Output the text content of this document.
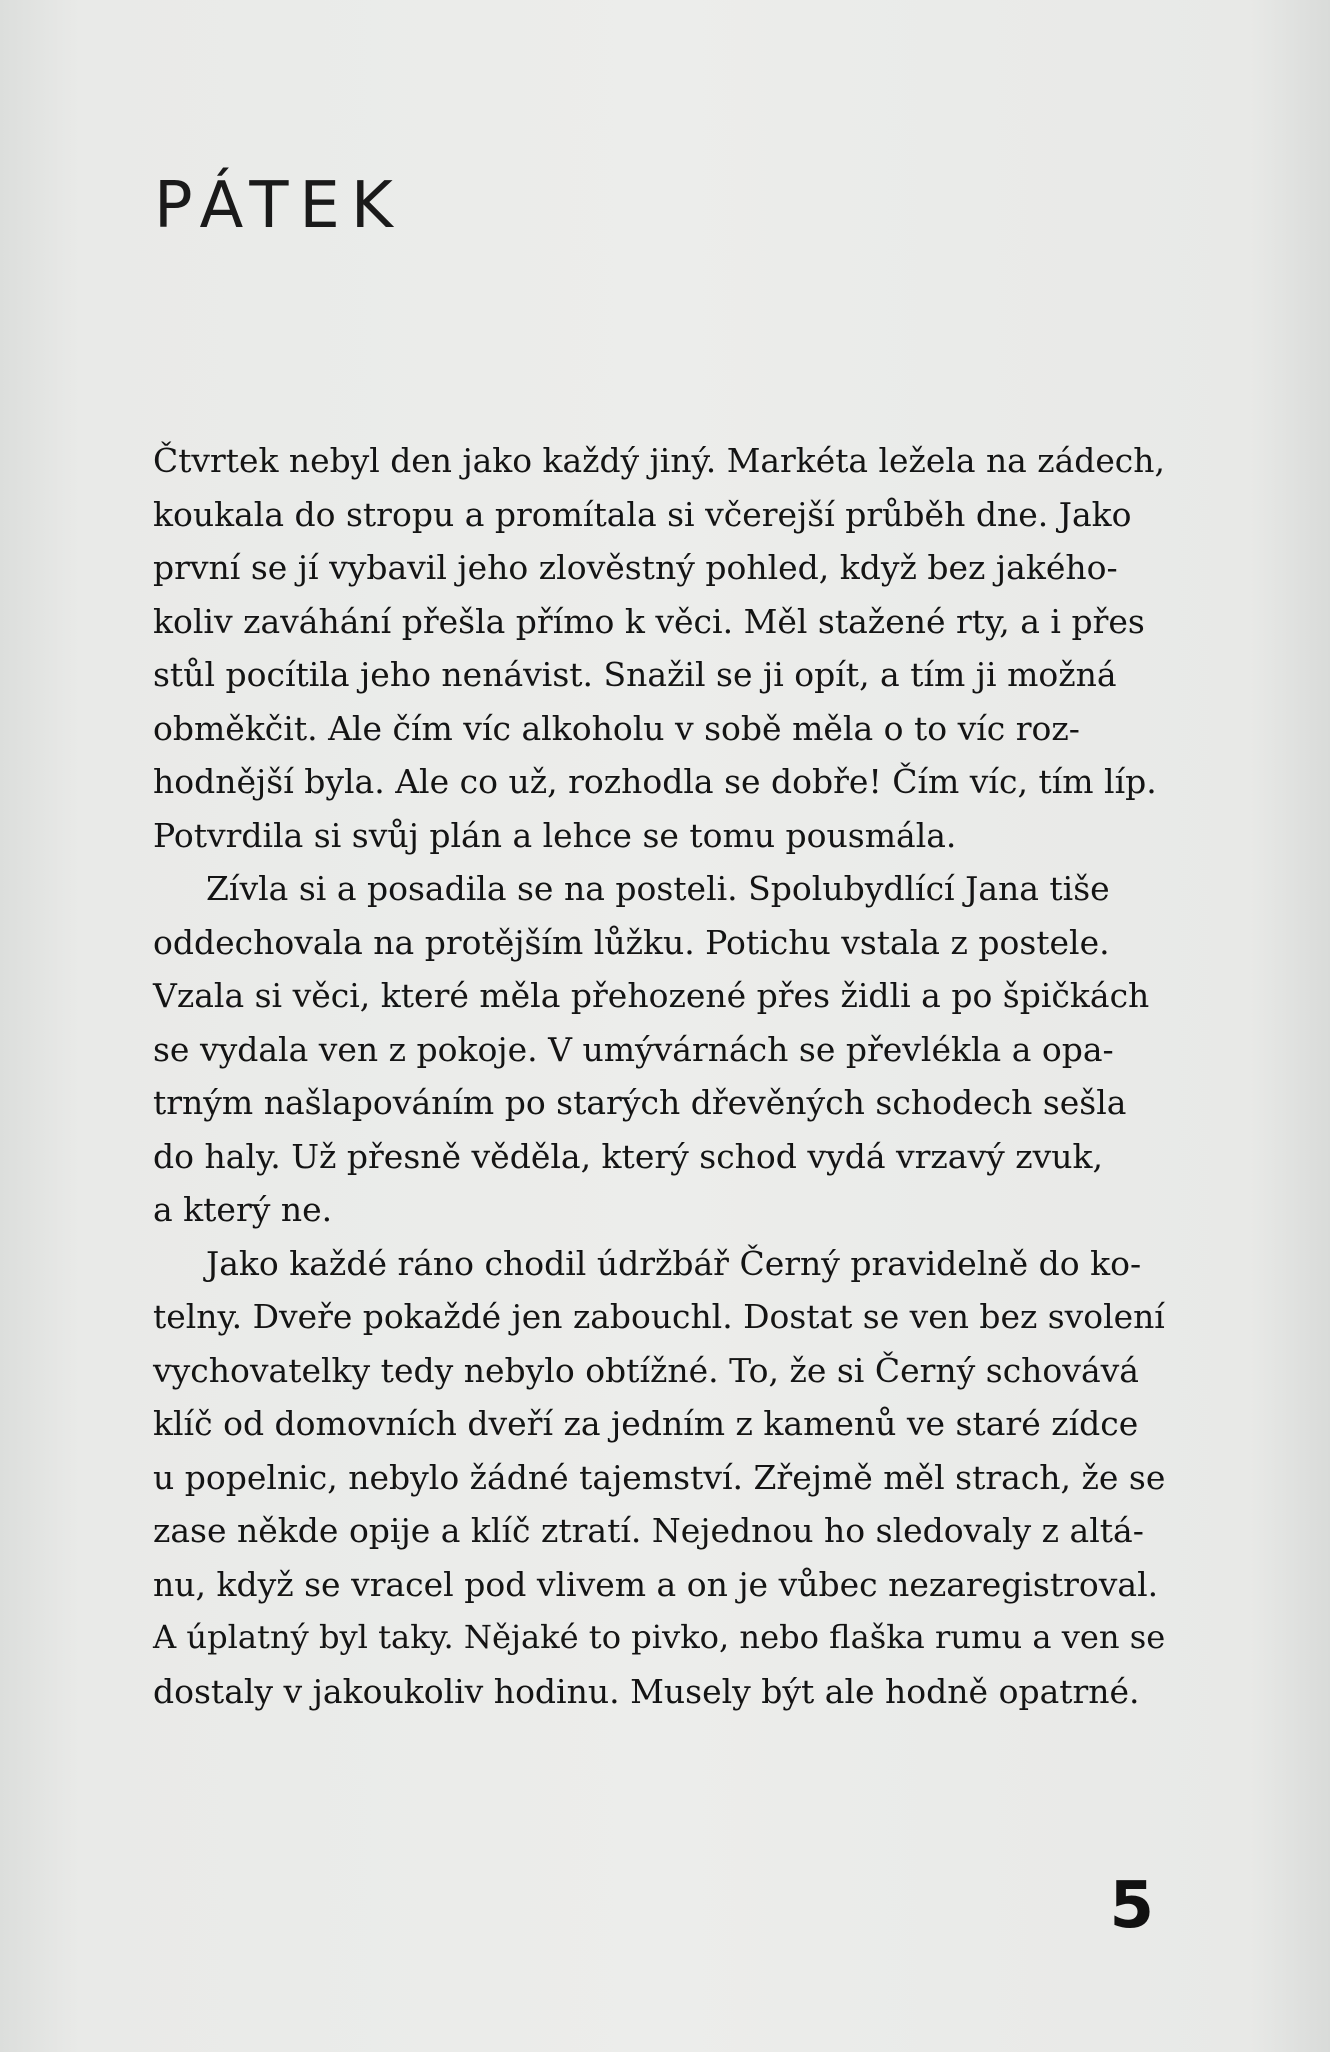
PÁTEK
Čtvrtek nebyl den jako každý jiný. Markéta ležela na zádech,
koukala do stropu a promítala si včerejší průběh dne. Jako
první se jí vybavil jeho zlověstný pohled, když bez jakého-
koliv zaváhání přešla přímo k věci. Měl stažené rty, a i přes
stůl pocítila jeho nenávist. Snažil se ji opít, a tím ji možná
obměkčit. Ale čím víc alkoholu v sobě měla o to víc roz-
hodnější byla. Ale co už, rozhodla se dobře! Čím víc, tím líp.
Potvrdila si svůj plán a lehce se tomu pousmála.
Zívla si a posadila se na posteli. Spolubydlící Jana tiše
oddechovala na protějším lůžku. Potichu vstala z postele.
Vzala si věci, které měla přehozené přes židli a po špičkách
se vydala ven z pokoje. V umývárnách se převlékla a opa-
trným našlapováním po starých dřevěných schodech sešla
do haly. Už přesně věděla, který schod vydá vrzavý zvuk,
a který ne.
Jako každé ráno chodil údržbář Černý pravidelně do ko-
telny. Dveře pokaždé jen zabouchl. Dostat se ven bez svolení
vychovatelky tedy nebylo obtížné. To, že si Černý schovává
klíč od domovních dveří za jedním z kamenů ve staré zídce
u popelnic, nebylo žádné tajemství. Zřejmě měl strach, že se
zase někde opije a klíč ztratí. Nejednou ho sledovaly z altá-
nu, když se vracel pod vlivem a on je vůbec nezaregistroval.
A úplatný byl taky. Nějaké to pivko, nebo flaška rumu a ven se
dostaly v jakoukoliv hodinu. Musely být ale hodně opatrné.
5
